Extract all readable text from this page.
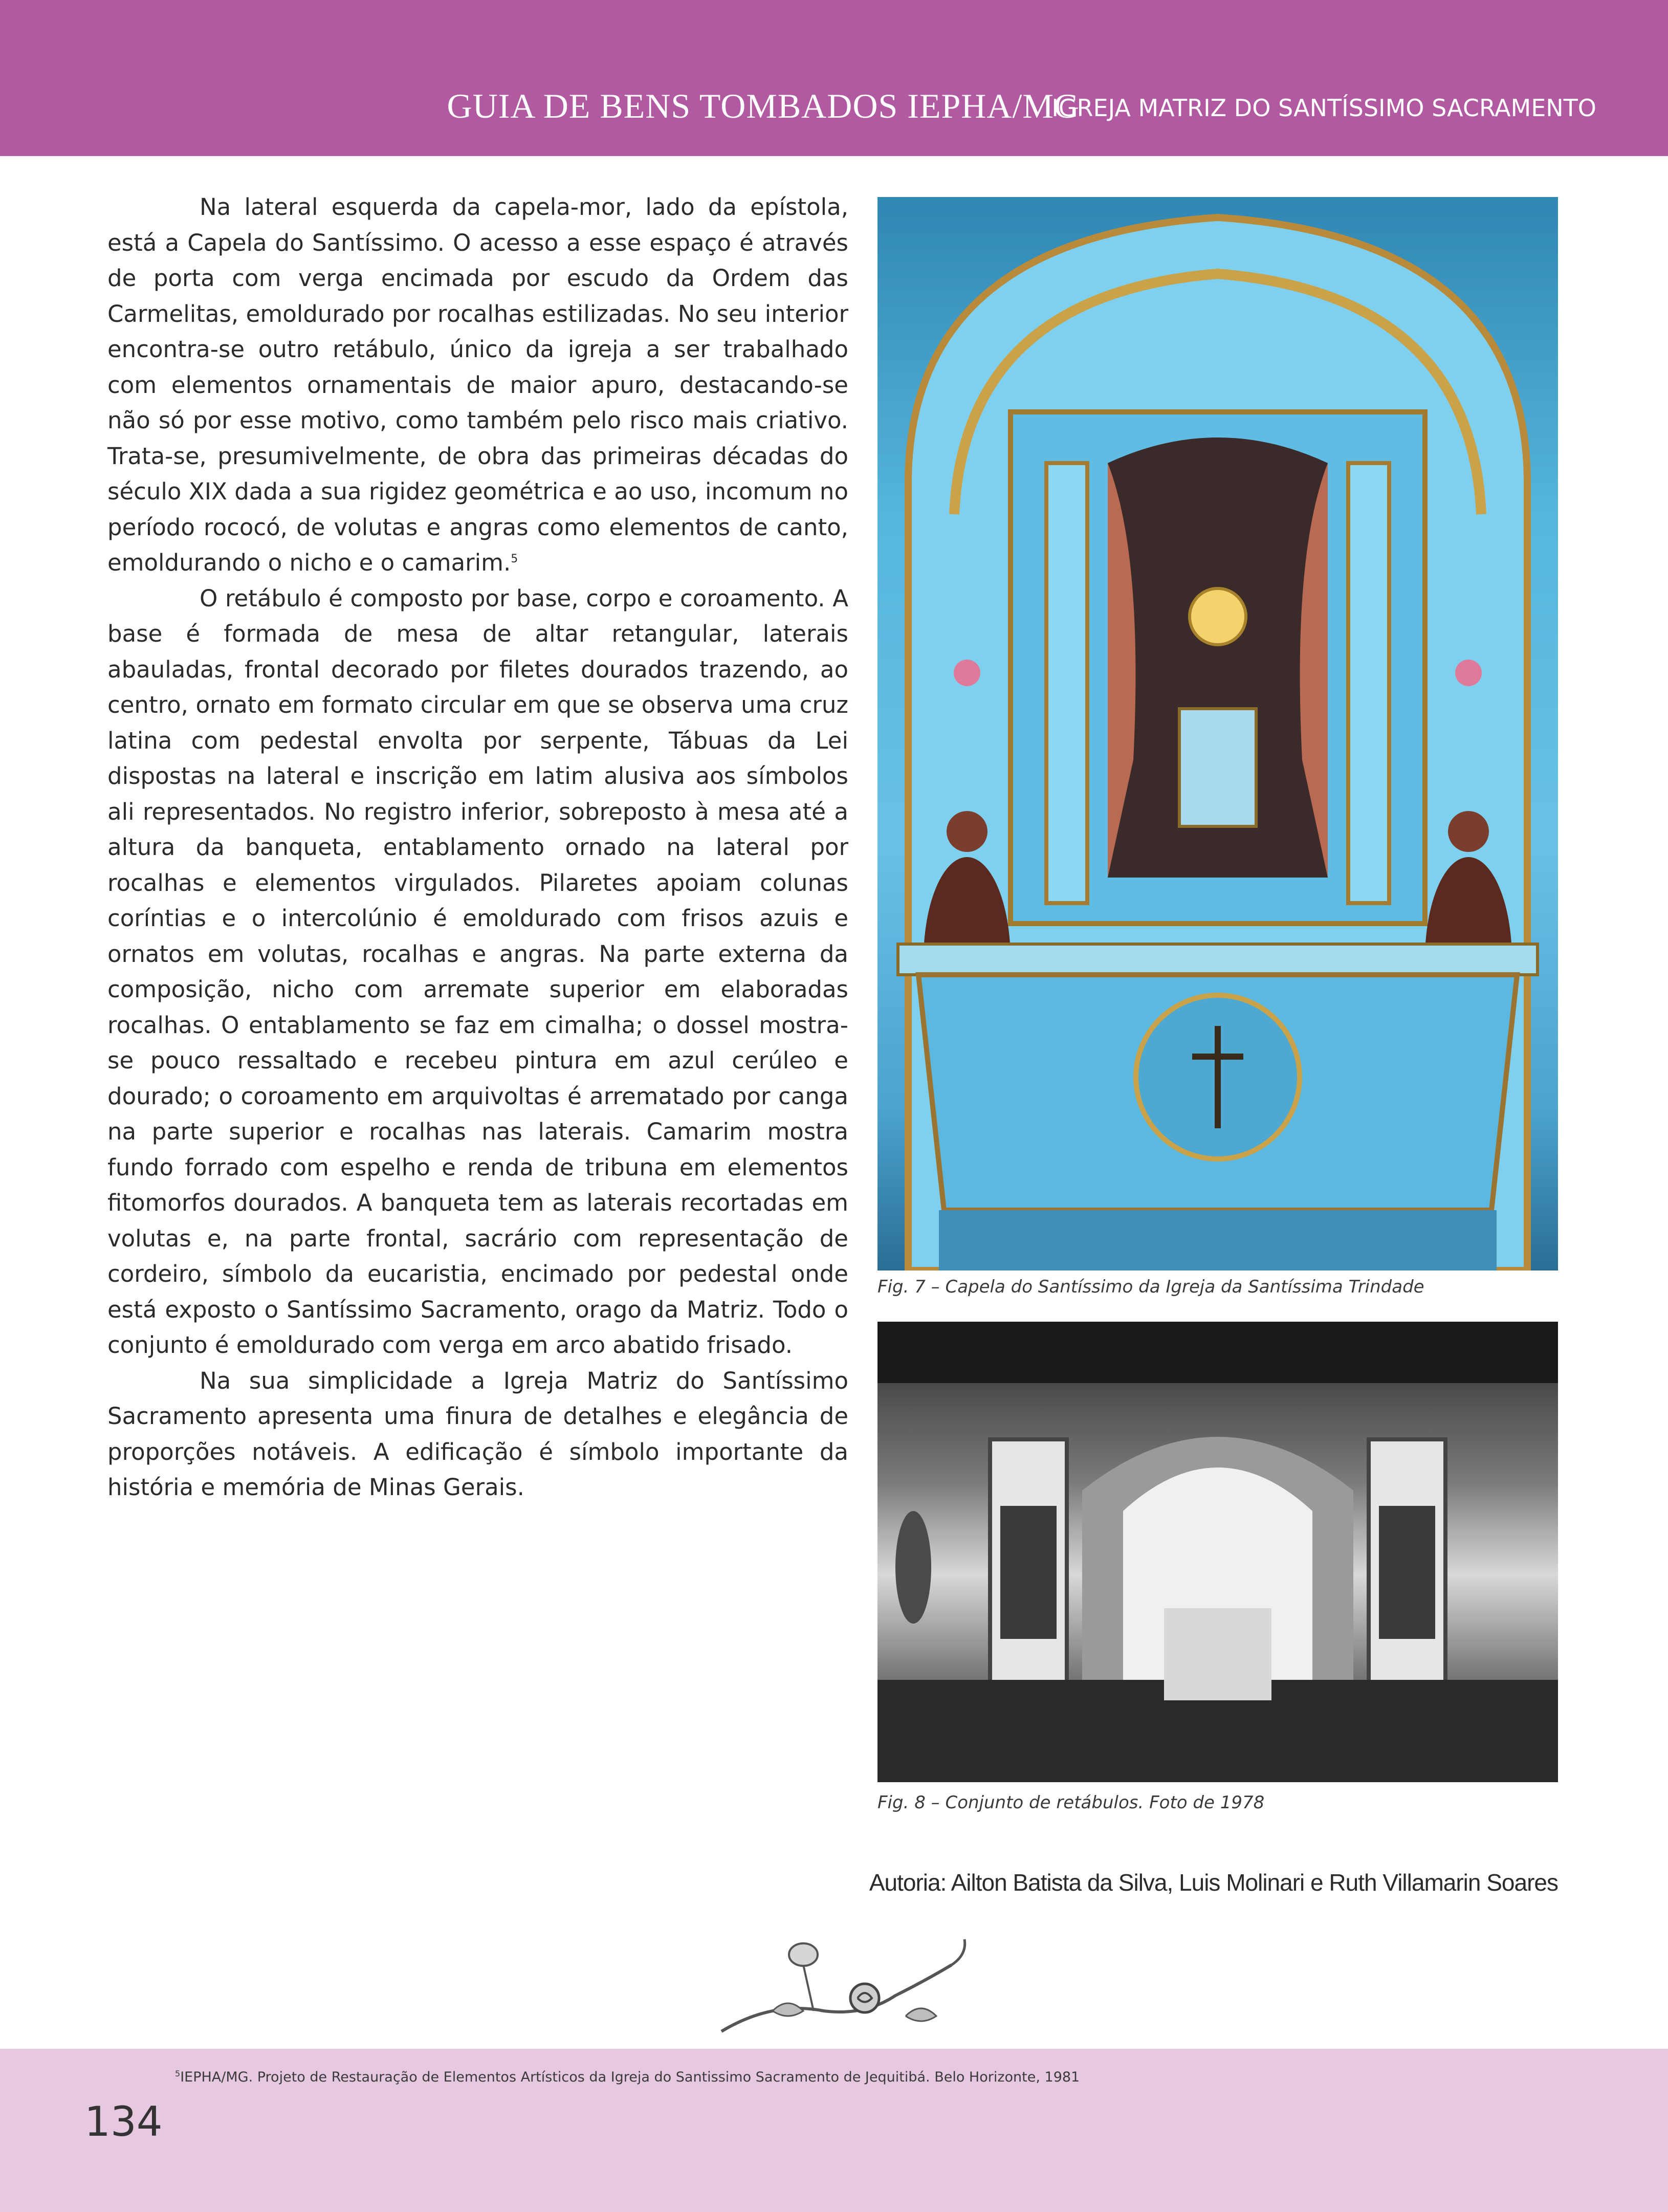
GUIA DE BENS TOMBADOS IEPHA/MG
IGREJA MATRIZ DO SANTÍSSIMO SACRAMENTO

Na lateral esquerda da capela-mor, lado da epístola, está a Capela do Santíssimo. O acesso a esse espaço é através de porta com verga encimada por escudo da Ordem das Carmelitas, emoldurado por rocalhas estilizadas. No seu interior encontra-se outro retábulo, único da igreja a ser trabalhado com elementos ornamentais de maior apuro, destacando-se não só por esse motivo, como também pelo risco mais criativo. Trata-se, presumivelmente, de obra das primeiras décadas do século XIX dada a sua rigidez geométrica e ao uso, incomum no período rococó, de volutas e angras como elementos de canto, emoldurando o nicho e o camarim.$^5$

O retábulo é composto por base, corpo e coroamento. A base é formada de mesa de altar retangular, laterais abauladas, frontal decorado por filetes dourados trazendo, ao centro, ornato em formato circular em que se observa uma cruz latina com pedestal envolta por serpente, Tábuas da Lei dispostas na lateral e inscrição em latim alusiva aos símbolos ali representados. No registro inferior, sobreposto à mesa até a altura da banqueta, entablamento ornado na lateral por rocalhas e elementos virgulados. Pilaretes apoiam colunas coríntias e o intercolúnio é emoldurado com frisos azuis e ornatos em volutas, rocalhas e angras. Na parte externa da composição, nicho com arremate superior em elaboradas rocalhas. O entablamento se faz em cimalha; o dossel mostra-se pouco ressaltado e recebeu pintura em azul cerúleo e dourado; o coroamento em arquivoltas é arrematado por canga na parte superior e rocalhas nas laterais. Camarim mostra fundo forrado com espelho e renda de tribuna em elementos fitomorfos dourados. A banqueta tem as laterais recortadas em volutas e, na parte frontal, sacrário com representação de cordeiro, símbolo da eucaristia, encimado por pedestal onde está exposto o Santíssimo Sacramento, orago da Matriz. Todo o conjunto é emoldurado com verga em arco abatido frisado.

Na sua simplicidade a Igreja Matriz do Santíssimo Sacramento apresenta uma finura de detalhes e elegância de proporções notáveis. A edificação é símbolo importante da história e memória de Minas Gerais.

Fig. 7 – Capela do Santíssimo da Igreja da Santíssima Trindade
Fig. 8 – Conjunto de retábulos. Foto de 1978
Autoria: Ailton Batista da Silva, Luis Molinari e Ruth Villamarin Soares
$^5$IEPHA/MG. Projeto de Restauração de Elementos Artísticos da Igreja do Santissimo Sacramento de Jequitibá. Belo Horizonte, 1981
134
